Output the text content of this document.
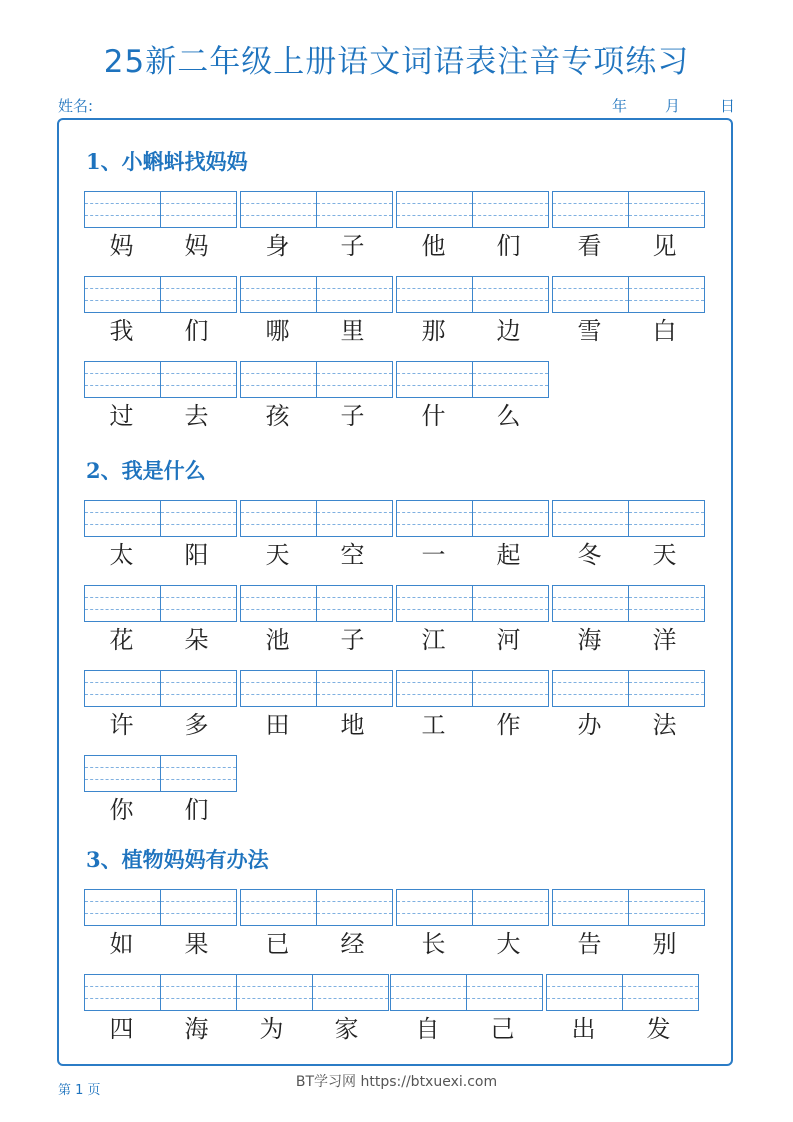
25新二年级上册语文词语表注音专项练习
姓名:	年	月	日
1、小蝌蚪找妈妈
妈	妈	身	子	他	们	看	见
我	们	哪	里	那	边	雪	白
过	去	孩	子	什	么
2、我是什么
太	阳	天	空	一	起	冬	天
花	朵	池	子	江	河	海	洋
许	多	田	地	工	作	办	法
你	们
3、植物妈妈有办法
如	果	已	经	长	大	告	别
四	海	为	家	自	己	出	发
第 1 页
BT学习网 https://btxuexi.com
